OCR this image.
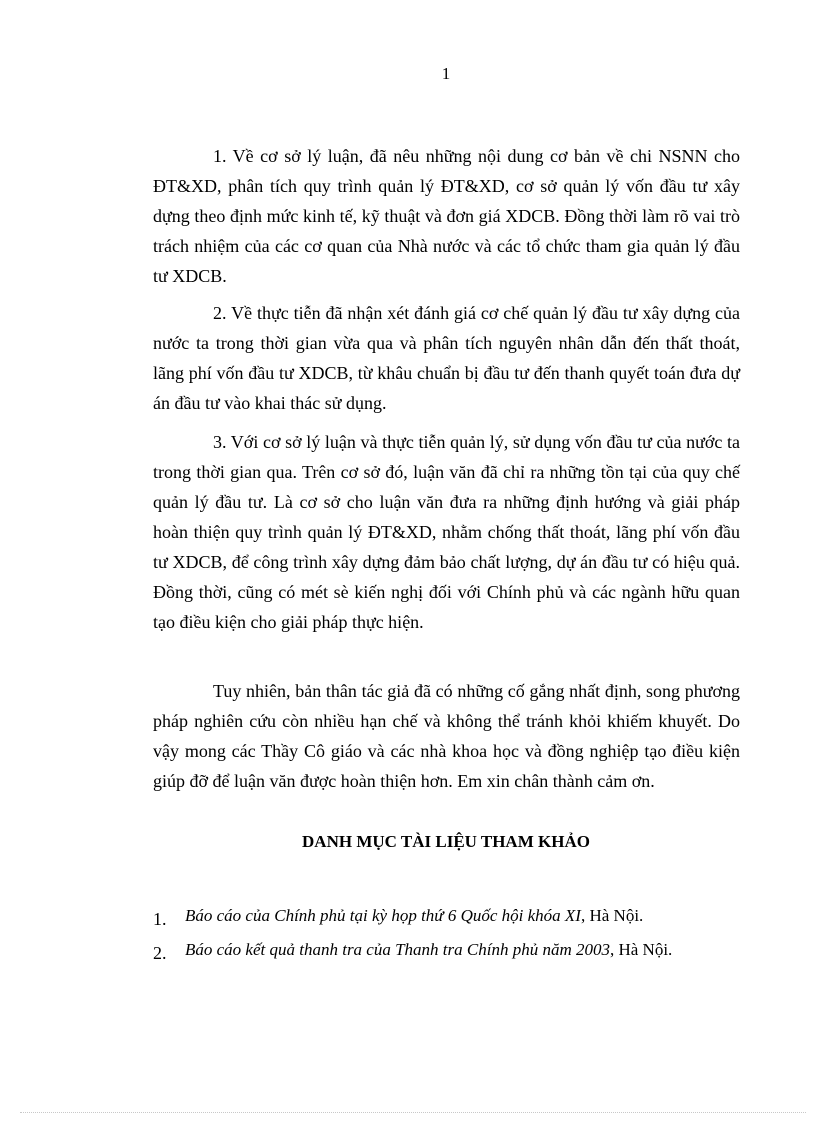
1

1. Về cơ sở lý luận, đã nêu những nội dung cơ bản về chi NSNN cho ĐT&XD, phân tích quy trình quản lý ĐT&XD, cơ sở quản lý vốn đầu tư xây dựng theo định mức kinh tế, kỹ thuật và đơn giá XDCB. Đồng thời làm rõ vai trò trách nhiệm của các cơ quan của Nhà nước và các tổ chức tham gia quản lý đầu tư XDCB.

2. Về thực tiễn đã nhận xét đánh giá cơ chế quản lý đầu tư xây dựng của nước ta trong thời gian vừa qua và phân tích nguyên nhân dẫn đến thất thoát, lãng phí vốn đầu tư XDCB, từ khâu chuẩn bị đầu tư đến thanh quyết toán đưa dự án đầu tư vào khai thác sử dụng.

3. Với cơ sở lý luận và thực tiễn quản lý, sử dụng vốn đầu tư của nước ta trong thời gian qua. Trên cơ sở đó, luận văn đã chỉ ra những tồn tại của quy chế quản lý đầu tư. Là cơ sở cho luận văn đưa ra những định hướng và giải pháp hoàn thiện quy trình quản lý ĐT&XD, nhằm chống thất thoát, lãng phí vốn đầu tư XDCB, để công trình xây dựng đảm bảo chất lượng, dự án đầu tư có hiệu quả. Đồng thời, cũng có mét sè kiến nghị đối với Chính phủ và các ngành hữu quan tạo điều kiện cho giải pháp thực hiện.

Tuy nhiên, bản thân tác giả đã có những cố gắng nhất định, song phương pháp nghiên cứu còn nhiều hạn chế và không thể tránh khỏi khiếm khuyết. Do vậy mong các Thầy Cô giáo và các nhà khoa học và đồng nghiệp tạo điều kiện giúp đỡ để luận văn được hoàn thiện hơn. Em xin chân thành cảm ơn.

DANH MỤC TÀI LIỆU THAM KHẢO
1. Báo cáo của Chính phủ tại kỳ họp thứ 6 Quốc hội khóa XI, Hà Nội.
2. Báo cáo kết quả thanh tra của Thanh tra Chính phủ năm 2003, Hà Nội.
